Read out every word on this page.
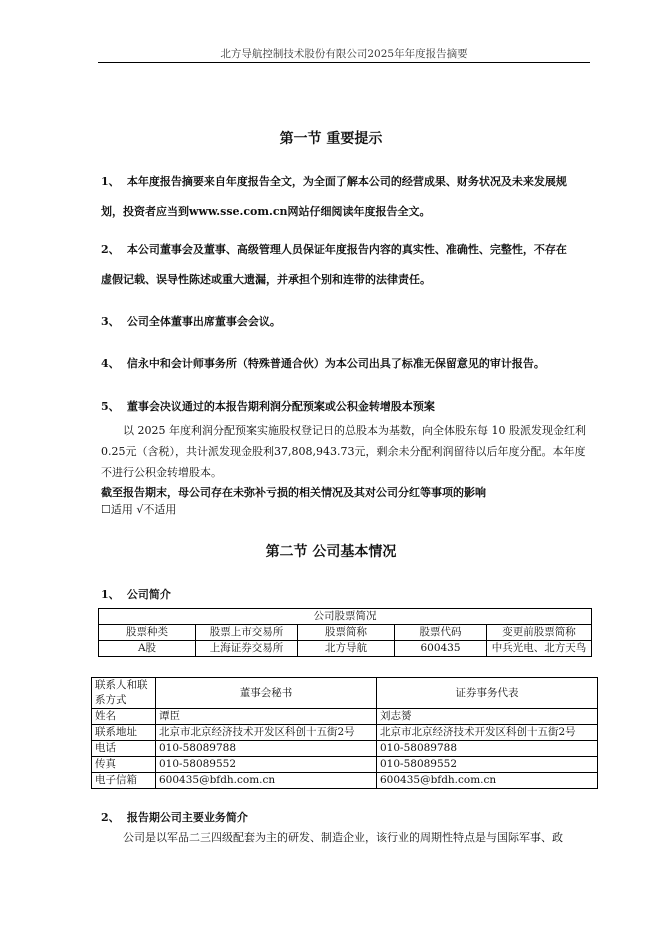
北方导航控制技术股份有限公司2025年年度报告摘要
第一节 重要提示
1、 本年度报告摘要来自年度报告全文，为全面了解本公司的经营成果、财务状况及未来发展规
划，投资者应当到www.sse.com.cn网站仔细阅读年度报告全文。
2、 本公司董事会及董事、高级管理人员保证年度报告内容的真实性、准确性、完整性，不存在
虚假记载、误导性陈述或重大遗漏，并承担个别和连带的法律责任。
3、 公司全体董事出席董事会会议。
4、 信永中和会计师事务所（特殊普通合伙）为本公司出具了标准无保留意见的审计报告。
5、 董事会决议通过的本报告期利润分配预案或公积金转增股本预案
以 2025 年度利润分配预案实施股权登记日的总股本为基数，向全体股东每 10 股派发现金红利 0.25元（含税），共计派发现金股利37,808,943.73元，剩余未分配利润留待以后年度分配。本年度不进行公积金转增股本。
截至报告期末，母公司存在未弥补亏损的相关情况及其对公司分红等事项的影响
☐适用 √不适用
第二节 公司基本情况
1、 公司简介
公司股票简况				
股票种类	股票上市交易所	股票简称	股票代码	变更前股票简称
A股	上海证券交易所	北方导航	600435	中兵光电、北方天鸟
联系人和联系方式	董事会秘书	证券事务代表
姓名	谭臣	刘志赟
联系地址	北京市北京经济技术开发区科创十五街2号	北京市北京经济技术开发区科创十五街2号
电话	010-58089788	010-58089788
传真	010-58089552	010-58089552
电子信箱	600435@bfdh.com.cn	600435@bfdh.com.cn
2、 报告期公司主要业务简介
公司是以军品二三四级配套为主的研发、制造企业，该行业的周期性特点是与国际军事、政
